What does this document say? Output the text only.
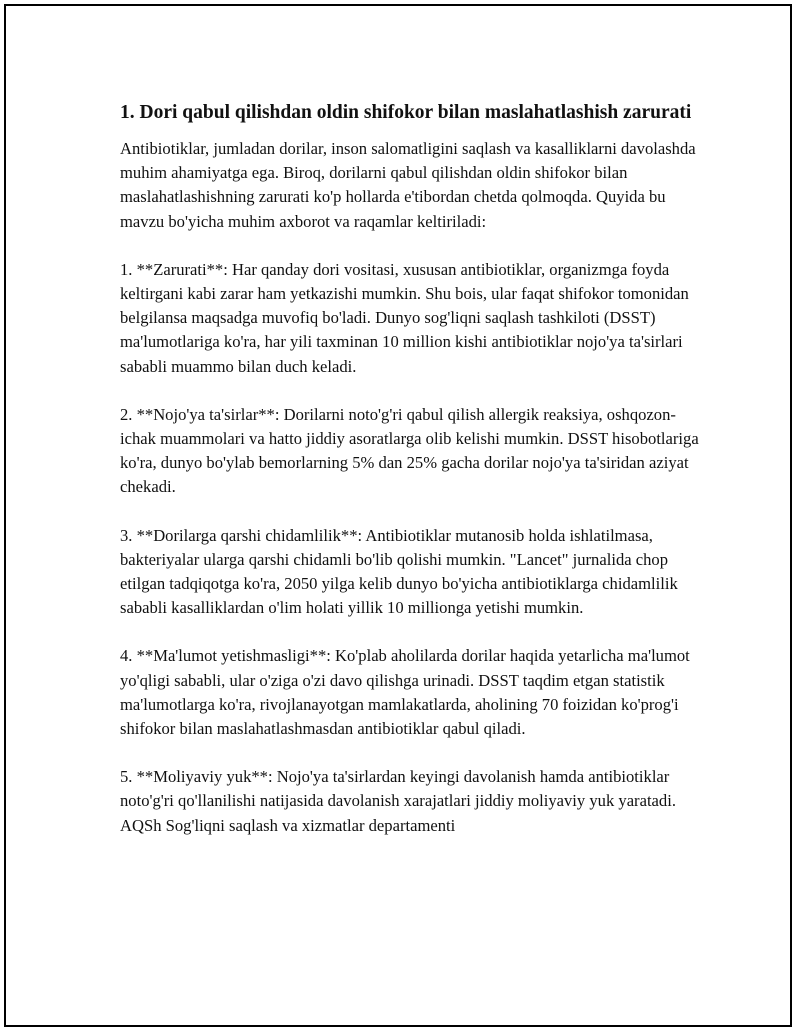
1. Dori qabul qilishdan oldin shifokor bilan maslahatlashish zarurati

Antibiotiklar, jumladan dorilar, inson salomatligini saqlash va kasalliklarni davolashda muhim ahamiyatga ega. Biroq, dorilarni qabul qilishdan oldin shifokor bilan maslahatlashishning zarurati ko'p hollarda e'tibordan chetda qolmoqda. Quyida bu mavzu bo'yicha muhim axborot va raqamlar keltiriladi:

1. **Zarurati**: Har qanday dori vositasi, xususan antibiotiklar, organizmga foyda keltirgani kabi zarar ham yetkazishi mumkin. Shu bois, ular faqat shifokor tomonidan belgilansa maqsadga muvofiq bo'ladi. Dunyo sog'liqni saqlash tashkiloti (DSST) ma'lumotlariga ko'ra, har yili taxminan 10 million kishi antibiotiklar nojo'ya ta'sirlari sababli muammo bilan duch keladi.

2. **Nojo'ya ta'sirlar**: Dorilarni noto'g'ri qabul qilish allergik reaksiya, oshqozon-ichak muammolari va hatto jiddiy asoratlarga olib kelishi mumkin. DSST hisobotlariga ko'ra, dunyo bo'ylab bemorlarning 5% dan 25% gacha dorilar nojo'ya ta'siridan aziyat chekadi.

3. **Dorilarga qarshi chidamlilik**: Antibiotiklar mutanosib holda ishlatilmasa, bakteriyalar ularga qarshi chidamli bo'lib qolishi mumkin. "Lancet" jurnalida chop etilgan tadqiqotga ko'ra, 2050 yilga kelib dunyo bo'yicha antibiotiklarga chidamlilik sababli kasalliklardan o'lim holati yillik 10 millionga yetishi mumkin.

4. **Ma'lumot yetishmasligi**: Ko'plab aholilarda dorilar haqida yetarlicha ma'lumot yo'qligi sababli, ular o'ziga o'zi davo qilishga urinadi. DSST taqdim etgan statistik ma'lumotlarga ko'ra, rivojlanayotgan mamlakatlarda, aholining 70 foizidan ko'prog'i shifokor bilan maslahatlashmasdan antibiotiklar qabul qiladi.

5. **Moliyaviy yuk**: Nojo'ya ta'sirlardan keyingi davolanish hamda antibiotiklar noto'g'ri qo'llanilishi natijasida davolanish xarajatlari jiddiy moliyaviy yuk yaratadi. AQSh Sog'liqni saqlash va xizmatlar departamenti
